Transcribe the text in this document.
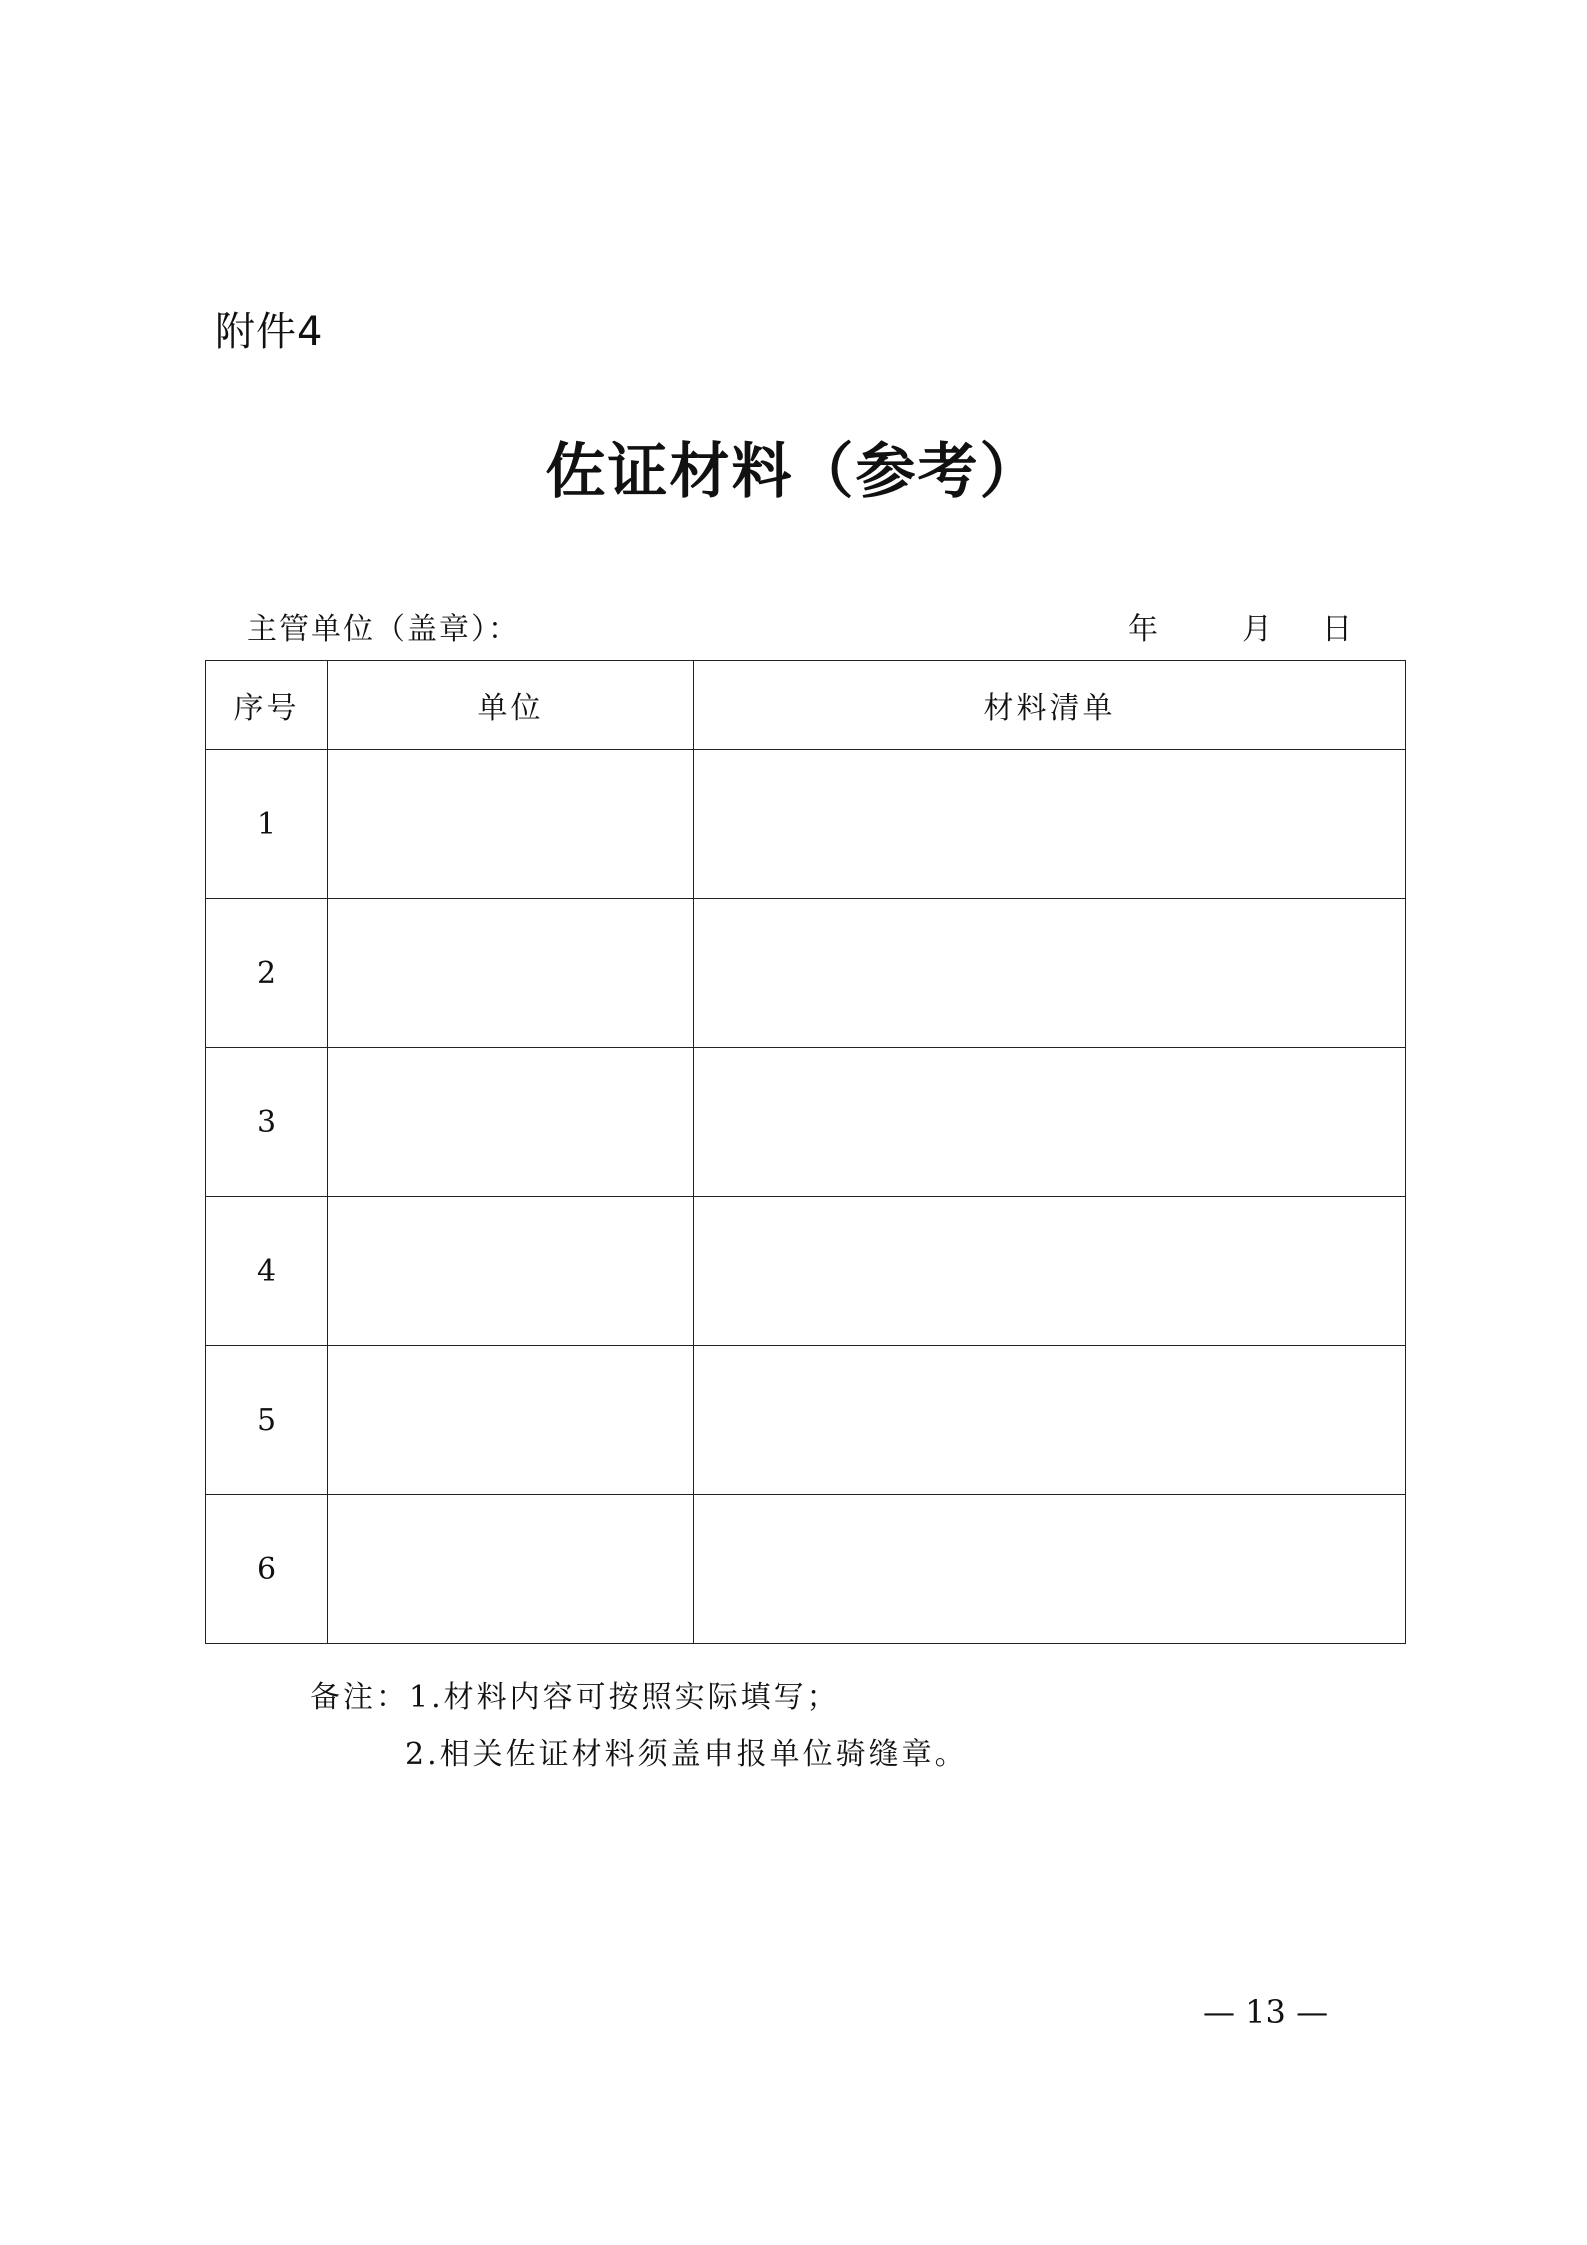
附件4
佐证材料（参考）
主管单位（盖章）：	年	月 日
序号	单位	材料清单
1		
2		
3		
4		
5		
6		
备注：1.材料内容可按照实际填写；
2.相关佐证材料须盖申报单位骑缝章。
— 13 —
